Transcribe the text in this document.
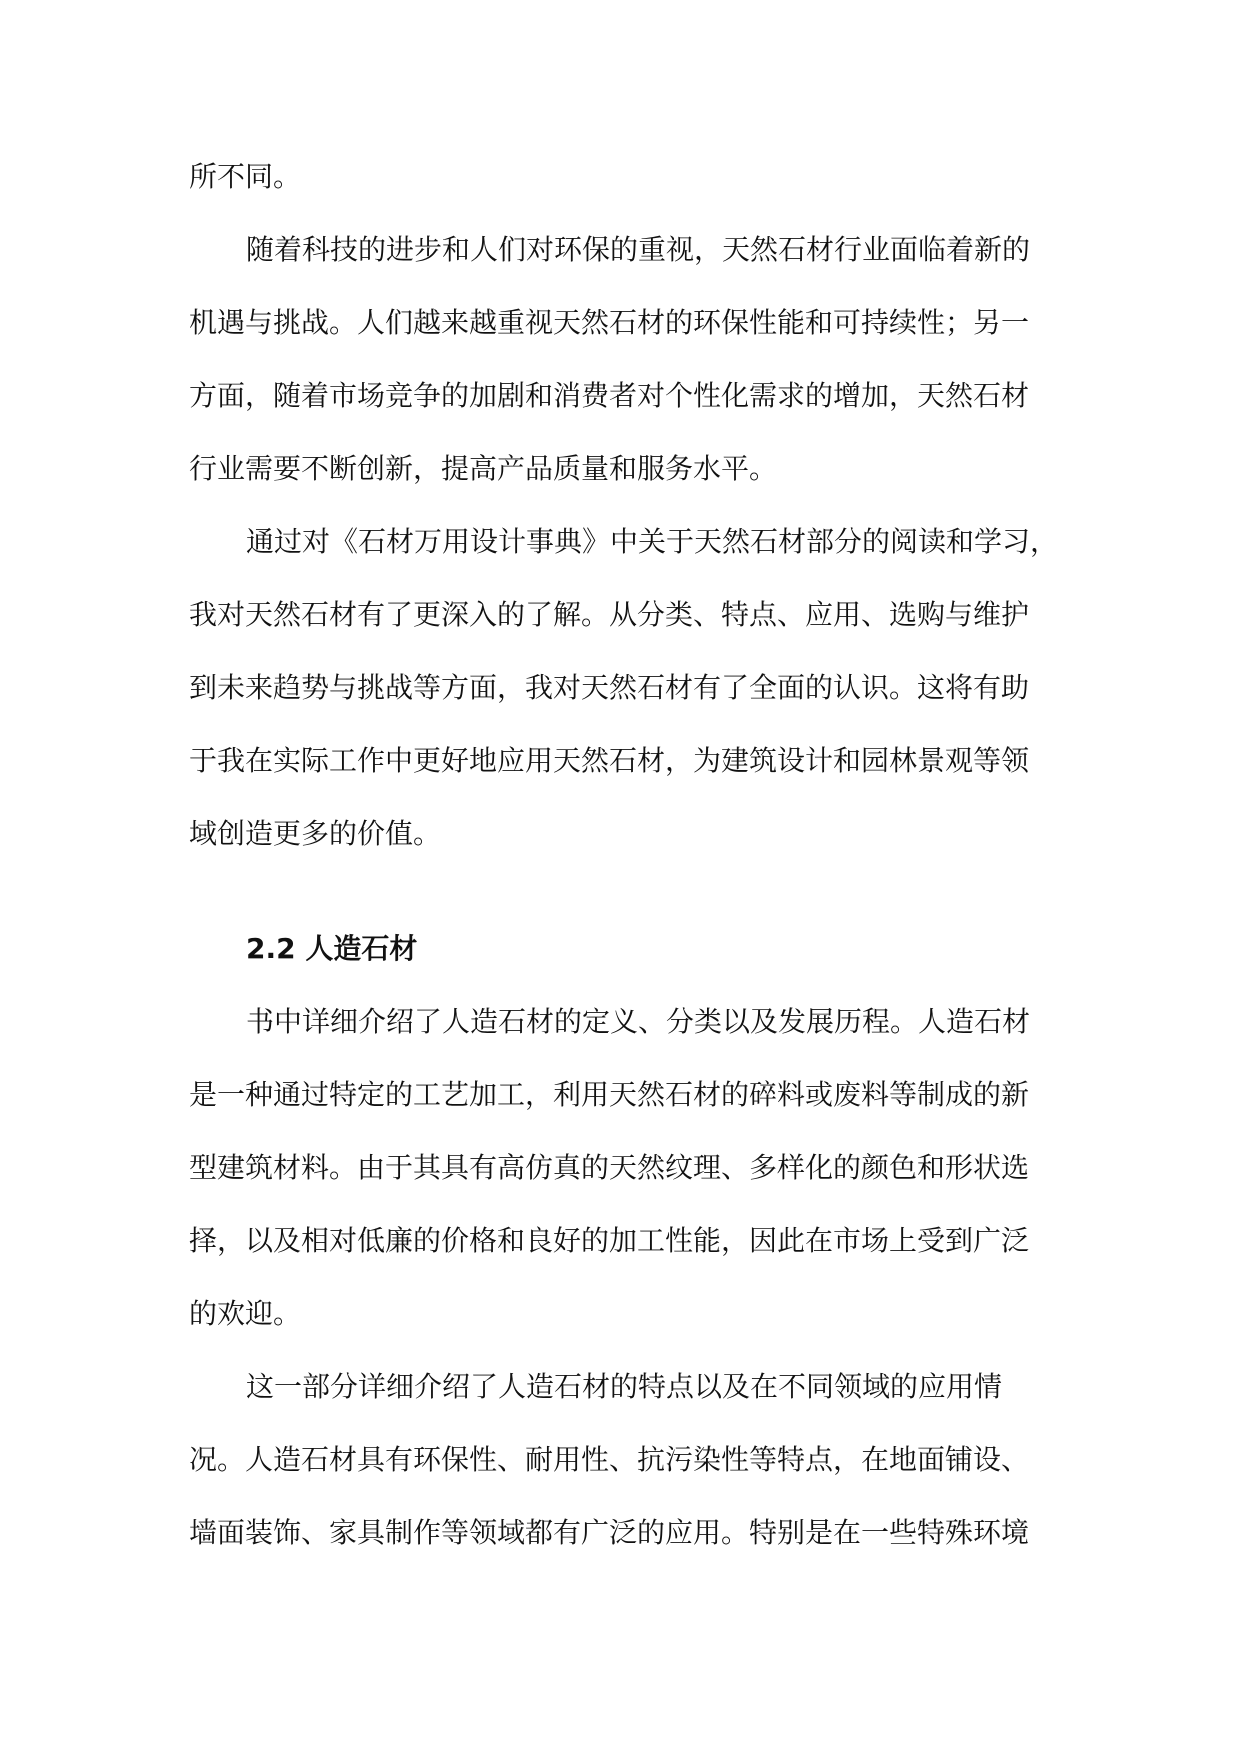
所不同。
随着科技的进步和人们对环保的重视，天然石材行业面临着新的
机遇与挑战。人们越来越重视天然石材的环保性能和可持续性；另一
方面，随着市场竞争的加剧和消费者对个性化需求的增加，天然石材
行业需要不断创新，提高产品质量和服务水平。
通过对《石材万用设计事典》中关于天然石材部分的阅读和学习，
我对天然石材有了更深入的了解。从分类、特点、应用、选购与维护
到未来趋势与挑战等方面，我对天然石材有了全面的认识。这将有助
于我在实际工作中更好地应用天然石材，为建筑设计和园林景观等领
域创造更多的价值。
2.2 人造石材
书中详细介绍了人造石材的定义、分类以及发展历程。人造石材
是一种通过特定的工艺加工，利用天然石材的碎料或废料等制成的新
型建筑材料。由于其具有高仿真的天然纹理、多样化的颜色和形状选
择，以及相对低廉的价格和良好的加工性能，因此在市场上受到广泛
的欢迎。
这一部分详细介绍了人造石材的特点以及在不同领域的应用情
况。人造石材具有环保性、耐用性、抗污染性等特点，在地面铺设、
墙面装饰、家具制作等领域都有广泛的应用。特别是在一些特殊环境
